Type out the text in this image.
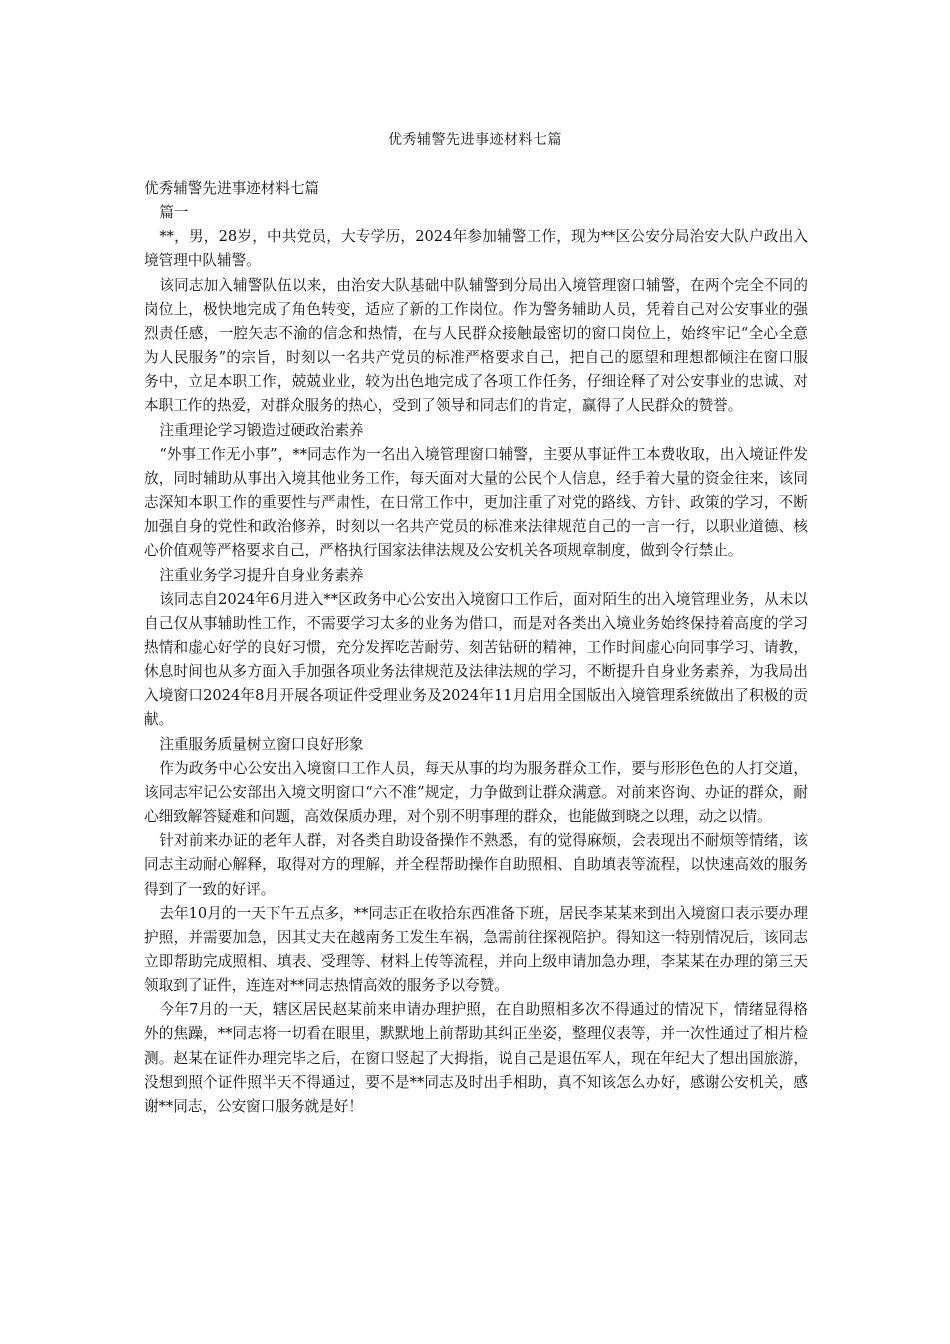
优秀辅警先进事迹材料七篇

优秀辅警先进事迹材料七篇

篇一

**，男，28岁，中共党员，大专学历，2024年参加辅警工作，现为**区公安分局治安大队户政出入境管理中队辅警。

该同志加入辅警队伍以来，由治安大队基础中队辅警到分局出入境管理窗口辅警，在两个完全不同的岗位上，极快地完成了角色转变，适应了新的工作岗位。作为警务辅助人员，凭着自己对公安事业的强烈责任感，一腔矢志不渝的信念和热情，在与人民群众接触最密切的窗口岗位上，始终牢记“全心全意为人民服务”的宗旨，时刻以一名共产党员的标准严格要求自己，把自己的愿望和理想都倾注在窗口服务中，立足本职工作，兢兢业业，较为出色地完成了各项工作任务，仔细诠释了对公安事业的忠诚、对本职工作的热爱，对群众服务的热心，受到了领导和同志们的肯定，赢得了人民群众的赞誉。

注重理论学习锻造过硬政治素养

“外事工作无小事”，**同志作为一名出入境管理窗口辅警，主要从事证件工本费收取，出入境证件发放，同时辅助从事出入境其他业务工作，每天面对大量的公民个人信息，经手着大量的资金往来，该同志深知本职工作的重要性与严肃性，在日常工作中，更加注重了对党的路线、方针、政策的学习，不断加强自身的党性和政治修养，时刻以一名共产党员的标准来法律规范自己的一言一行，以职业道德、核心价值观等严格要求自己，严格执行国家法律法规及公安机关各项规章制度，做到令行禁止。

注重业务学习提升自身业务素养

该同志自2024年6月进入**区政务中心公安出入境窗口工作后，面对陌生的出入境管理业务，从未以自己仅从事辅助性工作，不需要学习太多的业务为借口，而是对各类出入境业务始终保持着高度的学习热情和虚心好学的良好习惯，充分发挥吃苦耐劳、刻苦钻研的精神，工作时间虚心向同事学习、请教，休息时间也从多方面入手加强各项业务法律规范及法律法规的学习，不断提升自身业务素养，为我局出入境窗口2024年8月开展各项证件受理业务及2024年11月启用全国版出入境管理系统做出了积极的贡献。

注重服务质量树立窗口良好形象

作为政务中心公安出入境窗口工作人员，每天从事的均为服务群众工作，要与形形色色的人打交道，该同志牢记公安部出入境文明窗口“六不准”规定，力争做到让群众满意。对前来咨询、办证的群众，耐心细致解答疑难和问题，高效保质办理，对个别不明事理的群众，也能做到晓之以理，动之以情。

针对前来办证的老年人群，对各类自助设备操作不熟悉，有的觉得麻烦，会表现出不耐烦等情绪，该同志主动耐心解释，取得对方的理解，并全程帮助操作自助照相、自助填表等流程，以快速高效的服务得到了一致的好评。

去年10月的一天下午五点多，**同志正在收拾东西准备下班，居民李某某来到出入境窗口表示要办理护照，并需要加急，因其丈夫在越南务工发生车祸，急需前往探视陪护。得知这一特别情况后，该同志立即帮助完成照相、填表、受理等、材料上传等流程，并向上级申请加急办理，李某某在办理的第三天领取到了证件，连连对**同志热情高效的服务予以夸赞。

今年7月的一天，辖区居民赵某前来申请办理护照，在自助照相多次不得通过的情况下，情绪显得格外的焦躁，**同志将一切看在眼里，默默地上前帮助其纠正坐姿，整理仪表等，并一次性通过了相片检测。赵某在证件办理完毕之后，在窗口竖起了大拇指，说自己是退伍军人，现在年纪大了想出国旅游，没想到照个证件照半天不得通过，要不是**同志及时出手相助，真不知该怎么办好，感谢公安机关，感谢**同志，公安窗口服务就是好！
